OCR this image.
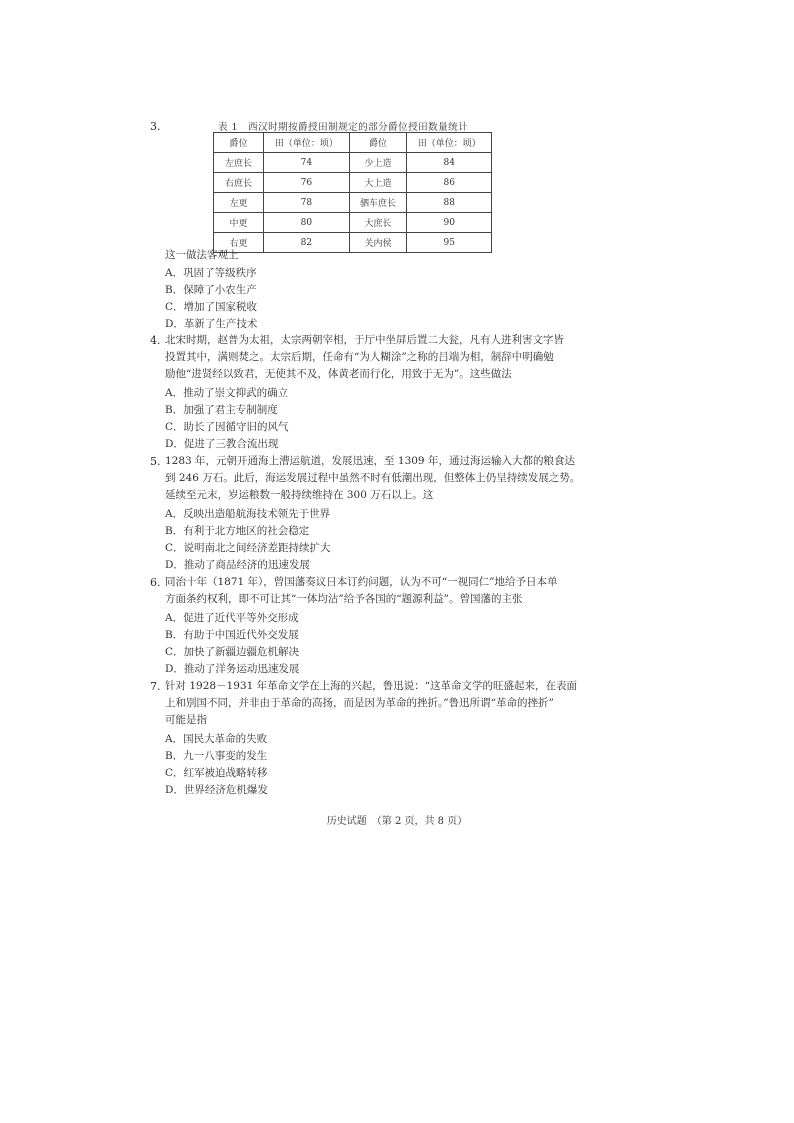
3.	表 1　西汉时期按爵授田制规定的部分爵位授田数量统计
爵位	田（单位：顷）	爵位	田（单位：顷）
左庶长	74	少上造	84
右庶长	76	大上造	86
左更	78	驷车庶长	88
中更	80	大庶长	90
右更	82	关内侯	95
这一做法客观上
A．巩固了等级秩序
B．保障了小农生产
C．增加了国家税收
D．革新了生产技术
4. 北宋时期，赵普为太祖，太宗两朝宰相，于厅中坐屏后置二大瓮，凡有人进利害文字皆
投置其中，满则焚之。太宗后期，任命有“为人糊涂”之称的吕端为相，制辞中明确勉
励他“进贤经以致君，无使其不及，体黄老而行化，用致于无为”。这些做法
A．推动了崇文抑武的确立
B．加强了君主专制制度
C．助长了因循守旧的风气
D．促进了三教合流出现
5. 1283 年，元朝开通海上漕运航道，发展迅速，至 1309 年，通过海运输入大都的粮食达
到 246 万石。此后，海运发展过程中虽然不时有低潮出现，但整体上仍呈持续发展之势。
延续至元末，岁运粮数一般持续维持在 300 万石以上。这
A．反映出造船航海技术领先于世界
B．有利于北方地区的社会稳定
C．说明南北之间经济差距持续扩大
D．推动了商品经济的迅速发展
6. 同治十年（1871 年），曾国藩奏议日本订约问题，认为不可“一视同仁”地给予日本单
方面条约权利，即不可让其“一体均沾”给予各国的“题源利益”。曾国藩的主张
A．促进了近代平等外交形成
B．有助于中国近代外交发展
C．加快了新疆边疆危机解决
D．推动了洋务运动迅速发展
7. 针对 1928－1931 年革命文学在上海的兴起，鲁迅说：“这革命文学的旺盛起来，在表面
上和别国不同，并非由于革命的高扬，而是因为革命的挫折。”鲁迅所谓“革命的挫折”
可能是指
A．国民大革命的失败
B．九一八事变的发生
C．红军被迫战略转移
D．世界经济危机爆发
历史试题　（第 2 页，共 8 页）
